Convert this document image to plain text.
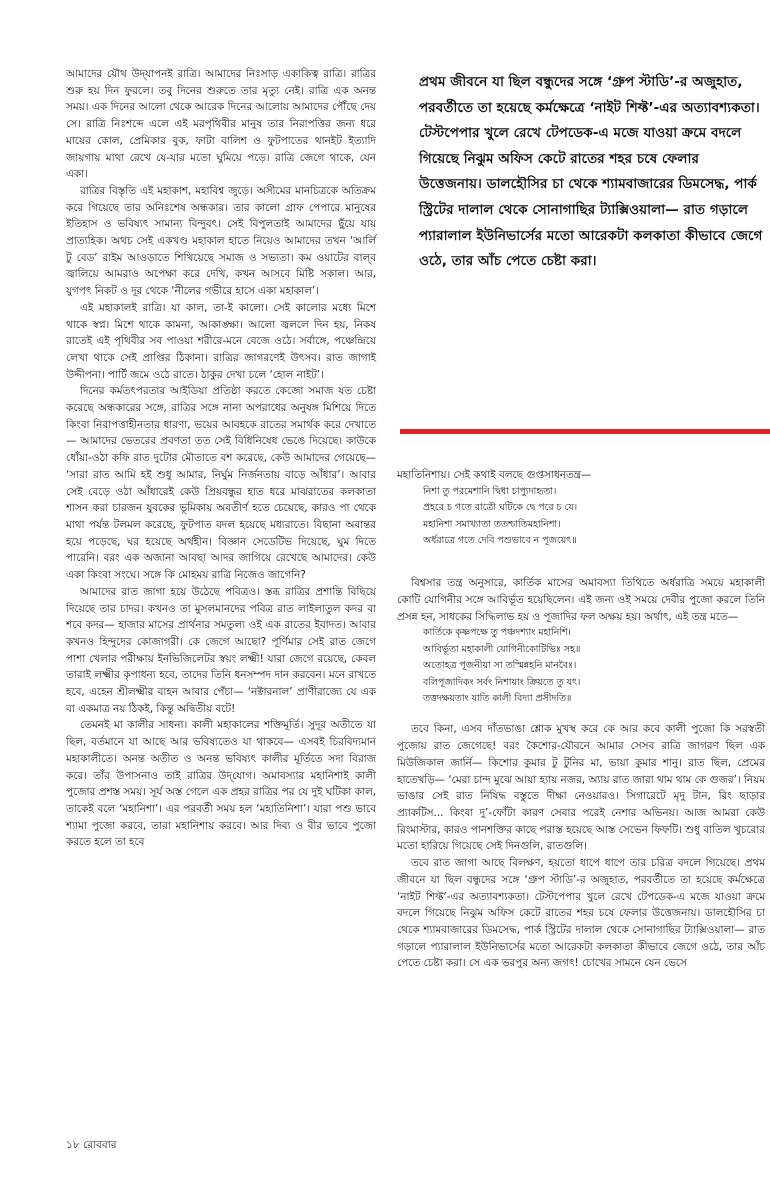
আমাদের যৌথ উদ্‌যাপনই রাত্রি। আমাদের নিঃসাড় একাকিত্ব রাত্রি। রাত্রির শুরু হয় দিন ফুরলে। তবু দিনের শুরুতে তার মৃত্যু নেই। রাত্রি এক অনন্ত সময়। এক দিনের আলো থেকে আরেক দিনের আলোয় আমাদের পৌঁছে দেয় সে। রাত্রি নিঃশব্দে এলে এই মরপৃথিবীর মানুষ তার নিরাপত্তির জন্য ধরে মায়ের কোল, প্রেমিকার বুক, ফাটা বালিশ ও ফুটপাতের থানইট ইত্যাদি জায়গায় মাথা রেখে যে-যার মতো ঘুমিয়ে পড়ে। রাত্রি জেগে থাকে, যেন একা।

রাত্রির বিস্তৃতি এই মহাকাশ, মহাবিশ্ব জুড়ে। অসীমের মানচিত্রকে অতিক্রম করে গিয়েছে তার অনিঃশেষ অন্ধকার। তার কালো গ্রাফ পেপারে মানুষের ইতিহাস ও ভবিষ্যৎ সামান্য বিন্দুবৎ। সেই বিপুলতাই আমাদের ছুঁয়ে যায় প্রাত্যহিক। অথচ সেই একখণ্ড মহাকাল হাতে নিয়েও আমাদের তখন ‘আর্লি টু বেড’ রাইম আওড়াতে শিখিয়েছে সমাজ ও সভ্যতা। কম ওয়াটের বাল্‌ব জ্বালিয়ে আমরাও অপেক্ষা করে দেখি, কখন আসবে মিষ্টি সকাল। আর, যুগপৎ নিকট ও দূর থেকে ‘নীলের গভীরে হাসে একা মহাকাল’।

এই মহাকালই রাত্রি। যা কাল, তা-ই কালো। সেই কালোর মধ্যে মিশে থাকে স্বপ্ন। মিশে থাকে কামনা, আকাঙ্ক্ষা। আলো জ্বললে দিন হয়, নিকষ রাতেই এই পৃথিবীর সব পাওয়া শরীরে-মনে বেজে ওঠে। সর্বাঙ্গে, পঞ্চেন্দ্রিয়ে লেখা থাকে সেই প্রাপ্তির ঠিকানা। রাত্রির জাগরণেই উৎসব। রাত জাগাই উদ্দীপনা। পার্টি জমে ওঠে রাতে। ঠাকুর দেখা চলে ‘হোল নাইট’।

দিনের কর্মতৎপরতার আইডিয়া প্রতিষ্ঠা করতে কেজো সমাজ যত চেষ্টা করেছে অন্ধকারের সঙ্গে, রাত্রির সঙ্গে নানা অপরাধের অনুষঙ্গ মিশিয়ে দিতে কিংবা নিরাপত্তাহীনতার ধারণা, ভয়ের আবহকে রাতের সমার্থক করে দেখাতে— আমাদের ভেতরের প্রবণতা তত সেই বিধিনিষেধ ভেঙে দিয়েছে। কাউকে ধোঁয়া-ওঠা কফি রাত দুটোর মৌতাতে বশ করেছে, কেউ আমাদের গেয়েছে— ‘সারা রাত আমি হই শুধু আমার, নির্ঘুম নির্জনতায় বাড়ে আঁধার’। আবার সেই বেড়ে ওঠা আঁধারেই কেউ প্রিয়বন্ধুর হাত ধরে মাঝরাতের কলকাতা শাসন করা চারজন যুবকের ভূমিকায় অবতীর্ণ হতে চেয়েছে, কারও পা থেকে মাথা পর্যন্ত টলমল করেছে, ফুটপাত বদল হয়েছে মধ্যরাতে। বিছানা অবান্তর হয়ে পড়েছে, ঘর হয়েছে অর্থহীন। বিজ্ঞান সেডেটিভ দিয়েছে, ঘুম দিতে পারেনি। বরং এক অজানা আবছা আদর জাগিয়ে রেখেছে আমাদের। কেউ একা কিংবা সংঘে। সঙ্গে কি মোহময় রাত্রি নিজেও জাগেনি?

আমাদের রাত জাগা হয়ে উঠেছে পবিত্রও। স্তব্ধ রাত্রির প্রশান্তি বিছিয়ে দিয়েছে তার চাদর। কখনও তা মুসলমানদের পবিত্র রাত লাইলাতুল কদর বা শবে কদর— হাজার মাসের প্রার্থনার সমতুল্য ওই এক রাতের ইবাদত। আবার কখনও হিন্দুদের কোজাগরী। কে জেগে আছো? পূর্ণিমার সেই রাত জেগে পাশা খেলার পরীক্ষায় ইনভিজিলেটর স্বয়ং লক্ষ্মী! যারা জেগে রয়েছে, কেবল তারাই লক্ষ্মীর কৃপাধন্য হবে, তাদের তিনি ধনসম্পদ দান করবেন। মনে রাখতে হবে, এহেন শ্রীলক্ষ্মীর বাহন আবার পেঁচা— ‘নক্টারনাল’ প্রাণীরাজ্যে যে এক বা একমাত্র নয় ঠিকই, কিন্তু অদ্বিতীয় বটে!

তেমনই মা কালীর সাধনা। কালী মহাকালের শক্তিমূর্তি। সুদূর অতীতে যা ছিল, বর্তমানে যা আছে আর ভবিষ্যতেও যা থাকবে— এসবই চিরবিদ্যমান মহাকালীতে। অনন্ত অতীত ও অনন্ত ভবিষ্যৎ কালীর মূর্তিতে সদা বিরাজ করে। তাঁর উপাসনাও তাই রাত্রির উদ্‌যোগ। অমাবস্যার মহানিশাই কালী পুজোর প্রশস্ত সময়। সূর্য অস্ত গেলে এক প্রহর রাত্রির পর যে দুই ঘটিকা কাল, তাকেই বলে ‘মহানিশা’। এর পরবর্তী সময় হল ‘মহাতিনিশা’। যারা পশু ভাবে শ্যামা পুজো করবে, তারা মহানিশায় করবে। আর দিব্য ও বীর ভাবে পুজো করতে হলে তা হবে

প্রথম জীবনে যা ছিল বন্ধুদের সঙ্গে ‘গ্রুপ স্টাডি’-র অজুহাত, পরবর্তীতে তা হয়েছে কর্মক্ষেত্রে ‘নাইট শিফ্ট’-এর অত্যাবশ্যকতা। টেস্টপেপার খুলে রেখে টেপডেক-এ মজে যাওয়া ক্রমে বদলে গিয়েছে নিঝুম অফিস কেটে রাতের শহর চষে ফেলার উত্তেজনায়। ডালহৌসির চা থেকে শ্যামবাজারের ডিমসেদ্ধ, পার্ক স্ট্রিটের দালাল থেকে সোনাগাছির ট্যাক্সিওয়ালা— রাত গড়ালে প্যারালাল ইউনিভার্সের মতো আরেকটা কলকাতা কীভাবে জেগে ওঠে, তার আঁচ পেতে চেষ্টা করা।

মহাতিনিশায়। সেই কথাই বলছে গুপ্তসাধনতন্ত্র—

নিশা তু পরমেশানি দ্বিধা চাপ্যুদাহৃতা।

প্রহরে চ গতে রাত্রৌ ঘটিকে দ্বে পরে চ যে।

মহানিশা সমাখ্যাতা ততশ্চাতিমহানিশা।

অর্ধরাত্রে গতে দেবি পশুভাবে ন পূজয়েৎ॥

বিশ্বসার তন্ত্র অনুসারে, কার্তিক মাসের অমাবস্যা তিথিতে অর্ধরাত্রি সময়ে মহাকালী কোটি যোগিনীর সঙ্গে আবির্ভূত হয়েছিলেন। এই জন্য ওই সময়ে দেবীর পুজো করলে তিনি প্রসন্ন হন, সাধকের সিদ্ধিলাভ হয় ও পূজাদির ফল অক্ষয় হয়। অর্থাৎ, এই তন্ত্র মতে—

কার্তিকে কৃষ্ণপক্ষে তু পঞ্চদশ্যাং মহানিশি।

আবির্ভূতা মহাকালী যোগিনীকোটিভিঃ সহ॥

অতোহত্র পূজনীয়া সা তস্মিন্নহনি মানবৈঃ।

বলিপূজাদিকং সর্বং নিশায়াং ক্রিয়তে তু যৎ।

তত্তদক্ষয়তাং যাতি কালী বিদ্যা প্রসীদতি॥

তবে কিনা, এসব দাঁতভাঙা শ্লোক মুখস্থ করে কে আর কবে কালী পুজো কি সরস্বতী পুজোয় রাত জেগেছে! বরং কৈশোর-যৌবনে আমার সেসব রাত্রি জাগরণ ছিল এক মিউজিকাল জার্নি— কিশোর কুমার টু টুনির মা, ভায়া কুমার শানু। রাত ছিল, প্রেমের হাতেখড়ি— ‘মেরা চান্দ মুঝে আয়া হ্যায় নজর, অ্যায় রাত জারা থাম থাম কে গুজর’। নিয়ম ভাঙার সেই রাত নিষিদ্ধ বস্তুতে দীক্ষা নেওয়ারও। সিগারেটে মৃদু টান, রিং ছাড়ার প্র্যাকটিস... কিংবা দু’-ফোঁটা কারণ সেবার পরেই নেশার অভিনয়। আজ আমরা কেউ রিংমাস্টার, কারও পানশক্তির কাছে পরাস্ত হয়েছে আস্ত সেভেন ফিফটি। শুধু বাতিল খুচরোর মতো হারিয়ে গিয়েছে সেই দিনগুলি, রাতগুলি।

তবে রাত জাগা আছে বিলক্ষণ, হয়তো ধাপে ধাপে তার চরিত্র বদলে গিয়েছে। প্রথম জীবনে যা ছিল বন্ধুদের সঙ্গে ‘গ্রুপ স্টাডি’-র অজুহাত, পরবর্তীতে তা হয়েছে কর্মক্ষেত্রে ‘নাইট শিফ্ট’-এর অত্যাবশ্যকতা। টেস্টপেপার খুলে রেখে টেপডেক-এ মজে যাওয়া ক্রমে বদলে গিয়েছে নিঝুম অফিস কেটে রাতের শহর চষে ফেলার উত্তেজনায়। ডালহৌসির চা থেকে শ্যামবাজারের ডিমসেদ্ধ, পার্ক স্ট্রিটের দালাল থেকে সোনাগাছির ট্যাক্সিওয়ালা— রাত গড়ালে প্যারালাল ইউনিভার্সের মতো আরেকটা কলকাতা কীভাবে জেগে ওঠে, তার আঁচ পেতে চেষ্টা করা। সে এক ভরপুর অন্য জগৎ! চোখের সামনে যেন ভেসে

১৮ রোববার
